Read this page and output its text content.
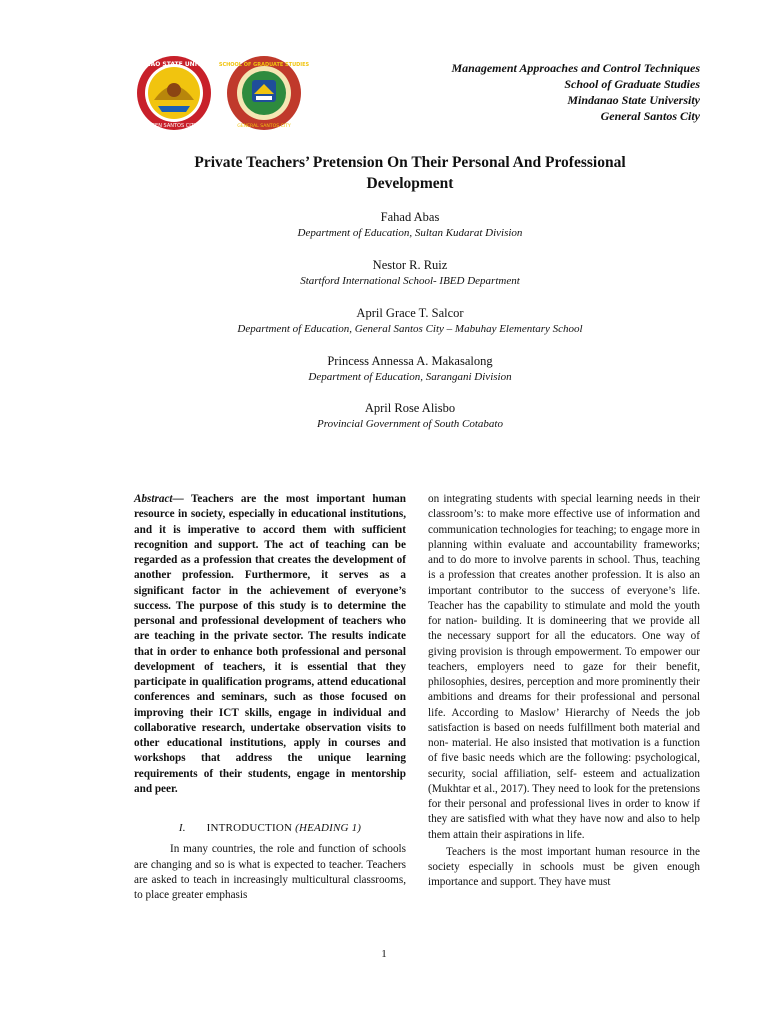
MINDANAO STATE UNIVERSITY
GEN SANTOS CITY
SCHOOL OF GRADUATE STUDIES
GENERAL SANTOS CITY
Management Approaches and Control Techniques
School of Graduate Studies
Mindanao State University
General Santos City
Private Teachers’ Pretension On Their Personal And Professional
Development
Fahad Abas
Department of Education, Sultan Kudarat Division
Nestor R. Ruiz
Startford International School- IBED Department
April Grace T. Salcor
Department of Education, General Santos City – Mabuhay Elementary School
Princess Annessa A. Makasalong
Department of Education, Sarangani Division
April Rose Alisbo
Provincial Government of South Cotabato

Abstract— Teachers are the most important human resource in society, especially in educational institutions, and it is imperative to accord them with sufficient recognition and support. The act of teaching can be regarded as a profession that creates the development of another profession. Furthermore, it serves as a significant factor in the achievement of everyone’s success. The purpose of this study is to determine the personal and professional development of teachers who are teaching in the private sector. The results indicate that in order to enhance both professional and personal development of teachers, it is essential that they participate in qualification programs, attend educational conferences and seminars, such as those focused on improving their ICT skills, engage in individual and collaborative research, undertake observation visits to other educational institutions, apply in courses and workshops that address the unique learning requirements of their students, engage in mentorship and peer.

I. INTRODUCTION (HEADING 1)

In many countries, the role and function of schools are changing and so is what is expected to teacher. Teachers are asked to teach in increasingly multicultural classrooms, to place greater emphasis

on integrating students with special learning needs in their classroom’s: to make more effective use of information and communication technologies for teaching; to engage more in planning within evaluate and accountability frameworks; and to do more to involve parents in school. Thus, teaching is a profession that creates another profession. It is also an important contributor to the success of everyone’s life. Teacher has the capability to stimulate and mold the youth for nation- building. It is domineering that we provide all the necessary support for all the educators. One way of giving provision is through empowerment. To empower our teachers, employers need to gaze for their benefit, philosophies, desires, perception and more prominently their ambitions and dreams for their professional and personal life. According to Maslow’ Hierarchy of Needs the job satisfaction is based on needs fulfillment both material and non- material. He also insisted that motivation is a function of five basic needs which are the following: psychological, security, social affiliation, self- esteem and actualization (Mukhtar et al., 2017). They need to look for the pretensions for their personal and professional lives in order to know if they are satisfied with what they have now and also to help them attain their aspirations in life.

Teachers is the most important human resource in the society especially in schools must be given enough importance and support. They have must

1
